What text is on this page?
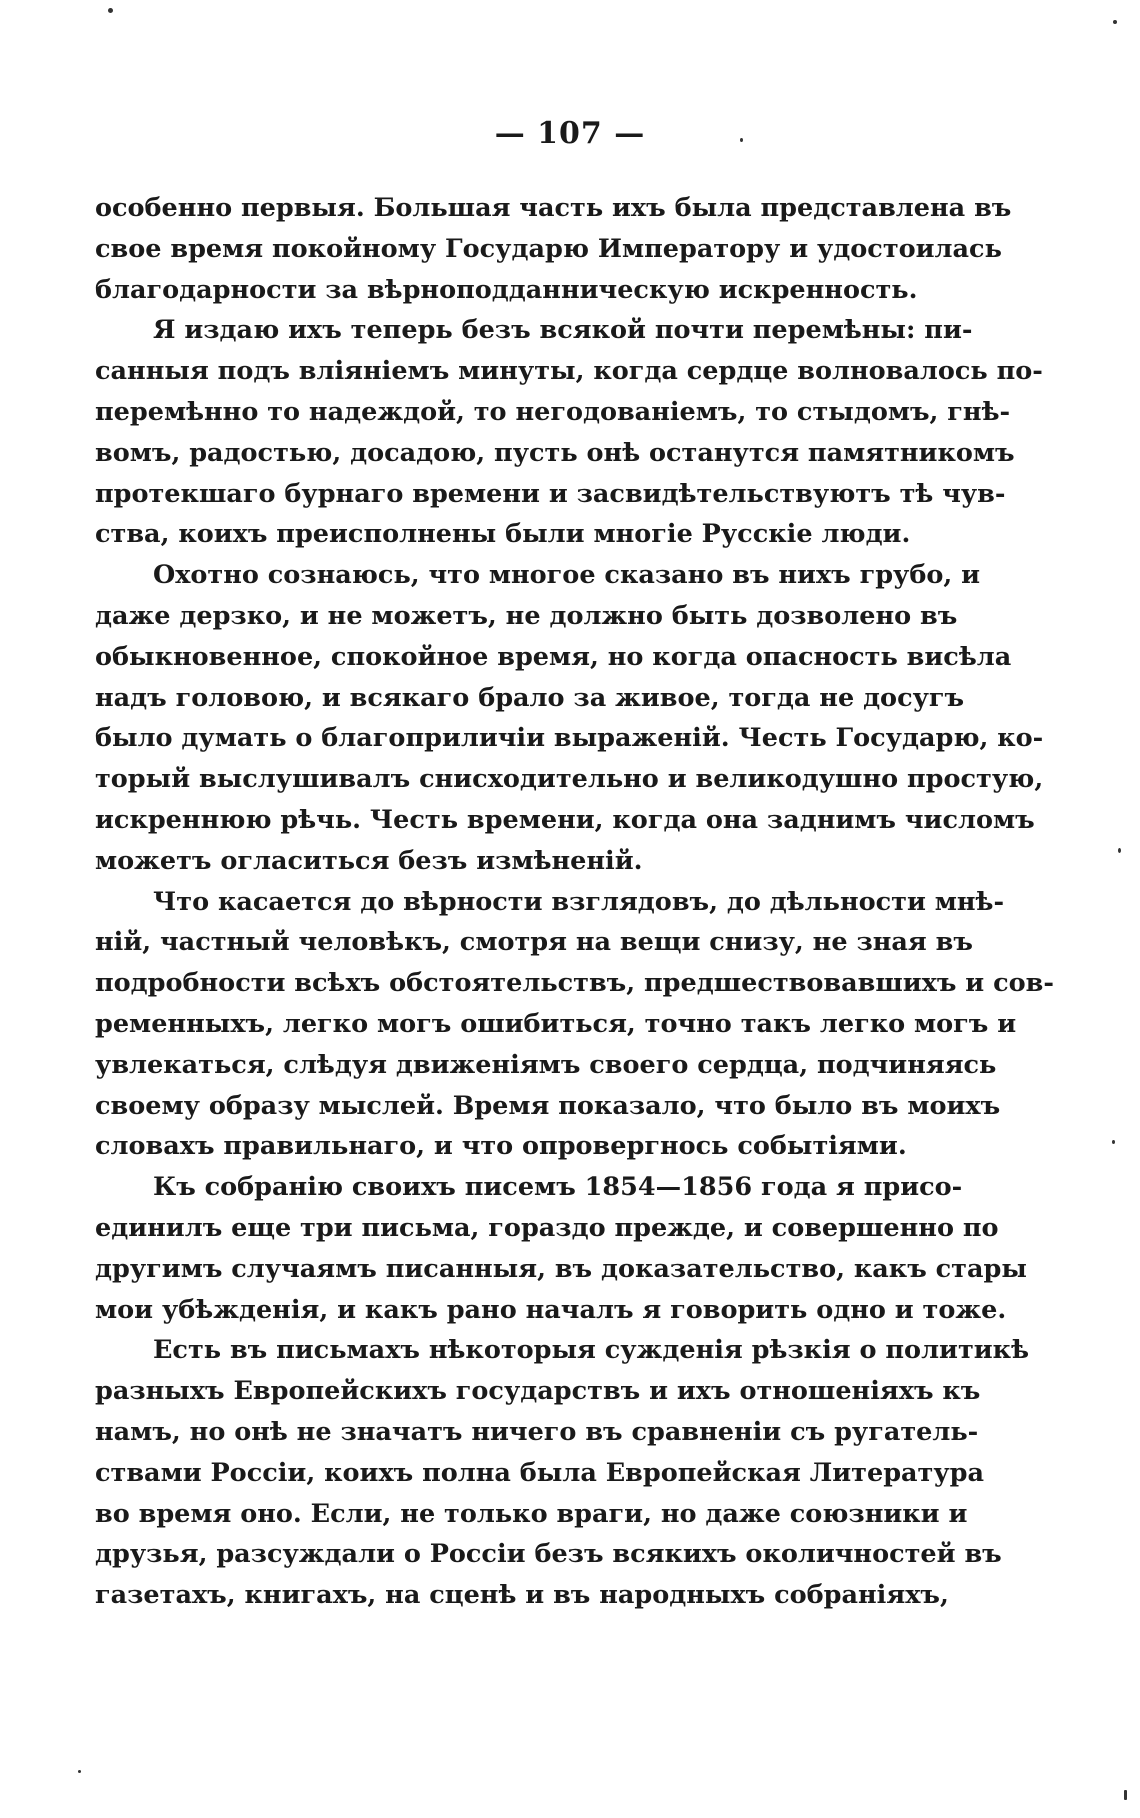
— 107 —
особенно первыя. Большая часть ихъ была представлена въ
свое время покойному Государю Императору и удостоилась
благодарности за вѣрноподданническую искренность.
Я издаю ихъ теперь безъ всякой почти перемѣны: пи-
санныя подъ вліяніемъ минуты, когда сердце волновалось по-
перемѣнно то надеждой, то негодованіемъ, то стыдомъ, гнѣ-
вомъ, радостью, досадою, пусть онѣ останутся памятникомъ
протекшаго бурнаго времени и засвидѣтельствуютъ тѣ чув-
ства, коихъ преисполнены были многіе Русскіе люди.
Охотно сознаюсь, что многое сказано въ нихъ грубо, и
даже дерзко, и не можетъ, не должно быть дозволено въ
обыкновенное, спокойное время, но когда опасность висѣла
надъ головою, и всякаго брало за живое, тогда не досугъ
было думать о благоприличіи выраженій. Честь Государю, ко-
торый выслушивалъ снисходительно и великодушно простую,
искреннюю рѣчь. Честь времени, когда она заднимъ числомъ
можетъ огласиться безъ измѣненій.
Что касается до вѣрности взглядовъ, до дѣльности мнѣ-
ній, частный человѣкъ, смотря на вещи снизу, не зная въ
подробности всѣхъ обстоятельствъ, предшествовавшихъ и сов-
ременныхъ, легко могъ ошибиться, точно такъ легко могъ и
увлекаться, слѣдуя движеніямъ своего сердца, подчиняясь
своему образу мыслей. Время показало, что было въ моихъ
словахъ правильнаго, и что опровергнось событіями.
Къ собранію своихъ писемъ 1854—1856 года я присо-
единилъ еще три письма, гораздо прежде, и совершенно по
другимъ случаямъ писанныя, въ доказательство, какъ стары
мои убѣжденія, и какъ рано началъ я говорить одно и тоже.
Есть въ письмахъ нѣкоторыя сужденія рѣзкія о политикѣ
разныхъ Европейскихъ государствъ и ихъ отношеніяхъ къ
намъ, но онѣ не значатъ ничего въ сравненіи съ ругатель-
ствами Россіи, коихъ полна была Европейская Литература
во время оно. Если, не только враги, но даже союзники и
друзья, разсуждали о Россіи безъ всякихъ околичностей въ
газетахъ, книгахъ, на сценѣ и въ народныхъ собраніяхъ,
